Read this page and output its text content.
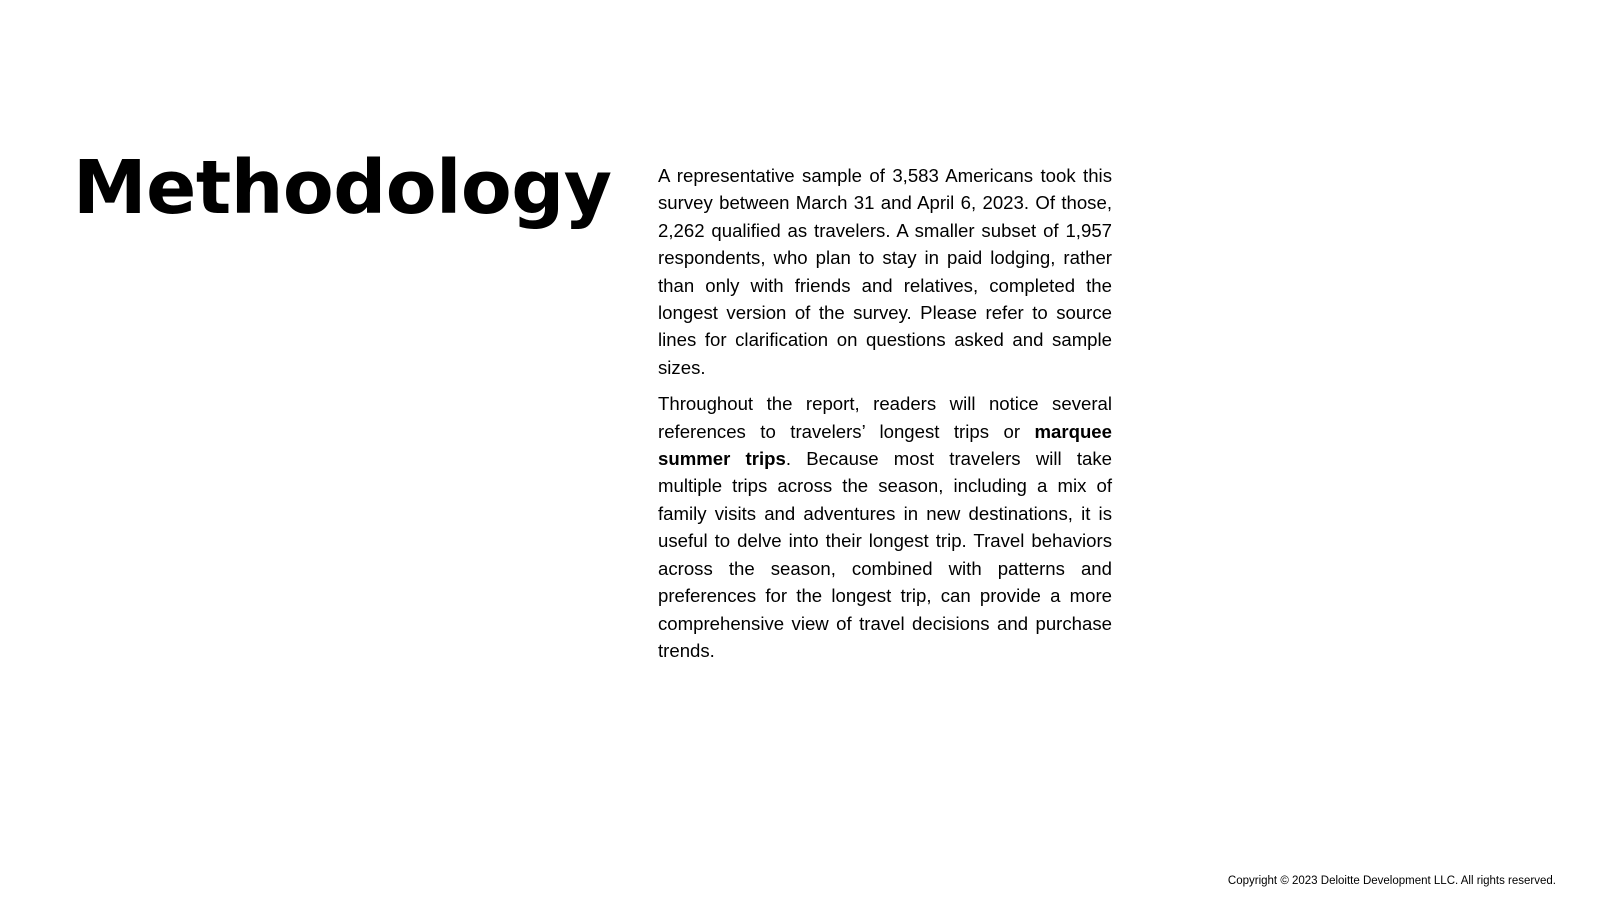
Methodology	A representative sample of 3,583 Americans took this survey between March 31 and April 6, 2023. Of those, 2,262 qualified as travelers. A smaller subset of 1,957 respondents, who plan to stay in paid lodging, rather than only with friends and relatives, completed the longest version of the survey. Please refer to source lines for clarification on questions asked and sample sizes.

Throughout the report, readers will notice several references to travelers’ longest trips or marquee summer trips. Because most travelers will take multiple trips across the season, including a mix of family visits and adventures in new destinations, it is useful to delve into their longest trip. Travel behaviors across the season, combined with patterns and preferences for the longest trip, can provide a more comprehensive view of travel decisions and purchase trends.

Copyright © 2023 Deloitte Development LLC. All rights reserved.
